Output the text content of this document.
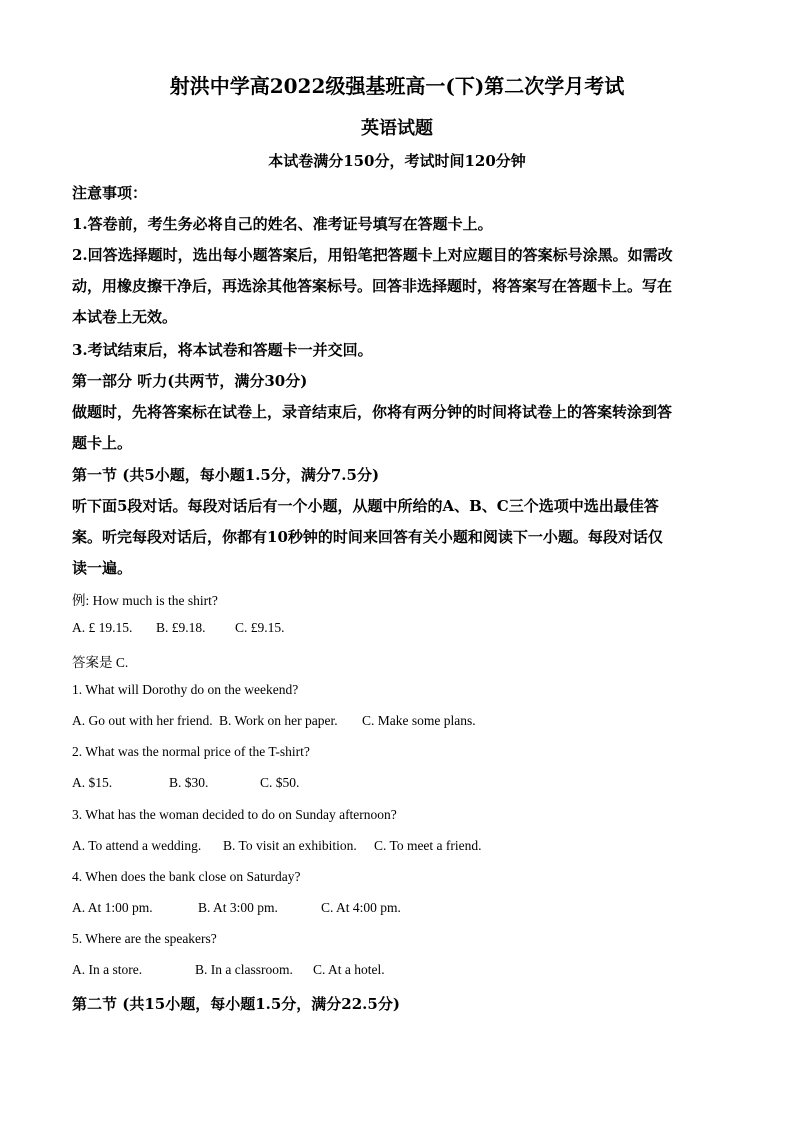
射洪中学高2022级强基班高一(下)第二次学月考试
英语试题
本试卷满分150分，考试时间120分钟
注意事项：
1.答卷前，考生务必将自己的姓名、准考证号填写在答题卡上。
2.回答选择题时，选出每小题答案后，用铅笔把答题卡上对应题目的答案标号涂黑。如需改
动，用橡皮擦干净后，再选涂其他答案标号。回答非选择题时，将答案写在答题卡上。写在
本试卷上无效。
3.考试结束后，将本试卷和答题卡一并交回。
第一部分 听力(共两节，满分30分)
做题时，先将答案标在试卷上，录音结束后，你将有两分钟的时间将试卷上的答案转涂到答
题卡上。
第一节 (共5小题，每小题1.5分，满分7.5分)
听下面5段对话。每段对话后有一个小题，从题中所给的A、B、C三个选项中选出最佳答
案。听完每段对话后，你都有10秒钟的时间来回答有关小题和阅读下一小题。每段对话仅
读一遍。
例: How much is the shirt?
A. £ 19.15. B. £9.18. C. £9.15.
答案是 C.
1. What will Dorothy do on the weekend?
A. Go out with her friend. B. Work on her paper. C. Make some plans.
2. What was the normal price of the T-shirt?
A. $15.	B. $30.	C. $50.
3. What has the woman decided to do on Sunday afternoon?
A. To attend a wedding. B. To visit an exhibition. C. To meet a friend.
4. When does the bank close on Saturday?
A. At 1:00 pm.	B. At 3:00 pm.	C. At 4:00 pm.
5. Where are the speakers?
A. In a store.	B. In a classroom. C. At a hotel.
第二节 (共15小题，每小题1.5分，满分22.5分)
